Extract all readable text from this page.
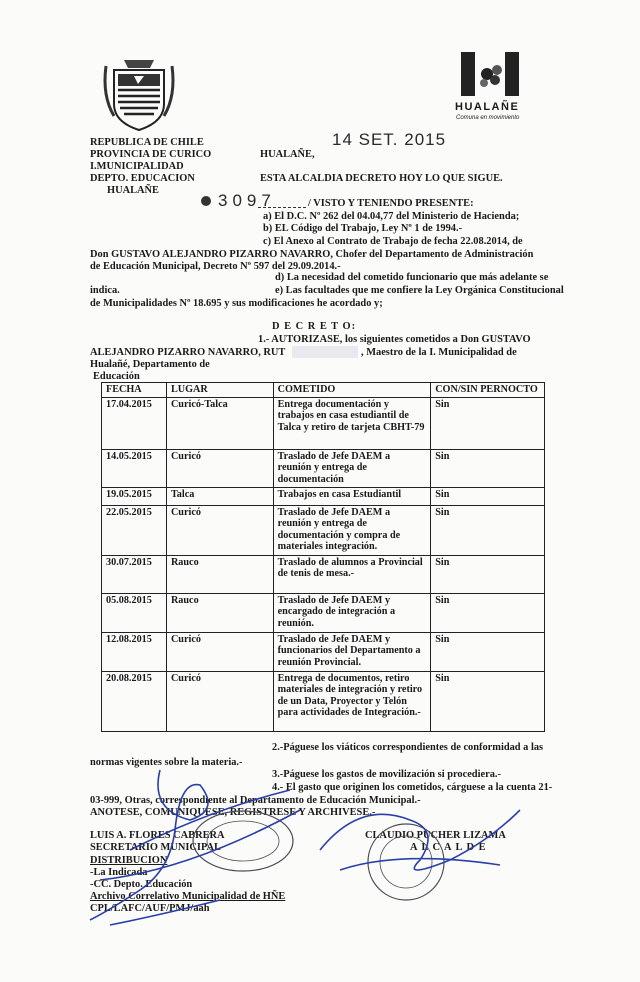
HUALAÑE
Comuna en movimiento
REPUBLICA DE CHILE
PROVINCIA DE CURICO
I.MUNICIPALIDAD
DEPTO. EDUCACION
HUALAÑE
HUALAÑE,
14 SET. 2015
ESTA ALCALDIA DECRETO HOY LO QUE SIGUE.
3097	/ VISTO Y TENIENDO PRESENTE:
a) El D.C. Nº 262 del 04.04,77 del Ministerio de Hacienda;
b) EL Código del Trabajo, Ley Nº 1 de 1994.-
c) El Anexo al Contrato de Trabajo de fecha 22.08.2014, de
Don GUSTAVO ALEJANDRO PIZARRO NAVARRO, Chofer del Departamento de Administración
de Educación Municipal, Decreto Nº 597 del 29.09.2014.-
d) La necesidad del cometido funcionario que más adelante se
indica.	e) Las facultades que me confiere la Ley Orgánica Constitucional
de Municipalidades Nº 18.695 y sus modificaciones he acordado y;
D E C R E T O:
1.- AUTORIZASE, los siguientes cometidos a Don GUSTAVO
ALEJANDRO PIZARRO NAVARRO, RUT	, Maestro de la I. Municipalidad de
Hualañé, Departamento de
Educación
FECHA	LUGAR	COMETIDO	CON/SIN PERNOCTO
17.04.2015	Curicó-Talca	Entrega documentación y trabajos en casa estudiantil de Talca y retiro de tarjeta CBHT-79	Sin
14.05.2015	Curicó	Traslado de Jefe DAEM a reunión y entrega de documentación	Sin
19.05.2015	Talca	Trabajos en casa Estudiantil	Sin
22.05.2015	Curicó	Traslado de Jefe DAEM a reunión y entrega de documentación y compra de materiales integración.	Sin
30.07.2015	Rauco	Traslado de alumnos a Provincial de tenis de mesa.-	Sin
05.08.2015	Rauco	Traslado de Jefe DAEM y encargado de integración a reunión.	Sin
12.08.2015	Curicó	Traslado de Jefe DAEM y funcionarios del Departamento a reunión Provincial.	Sin
20.08.2015	Curicó	Entrega de documentos, retiro materiales de integración y retiro de un Data, Proyector y Telón para actividades de Integración.-	Sin
2.-Páguese los viáticos correspondientes de conformidad a las
normas vigentes sobre la materia.-
3.-Páguese los gastos de movilización si procediera.-
4.- El gasto que originen los cometidos, cárguese a la cuenta 21-
03-999, Otras, correspondiente al Departamento de Educación Municipal.-
ANOTESE, COMUNIQUESE, REGISTRESE Y ARCHIVESE.-
LUIS A. FLORES CABRERA
SECRETARIO MUNICIPAL
CLAUDIO PUCHER LIZAMA
A L C A L D E
DISTRIBUCION
-La Indicada
-CC. Depto. Educación
Archivo Correlativo Municipalidad de HÑE
CPL/LAFC/AUF/PMJ/aah
